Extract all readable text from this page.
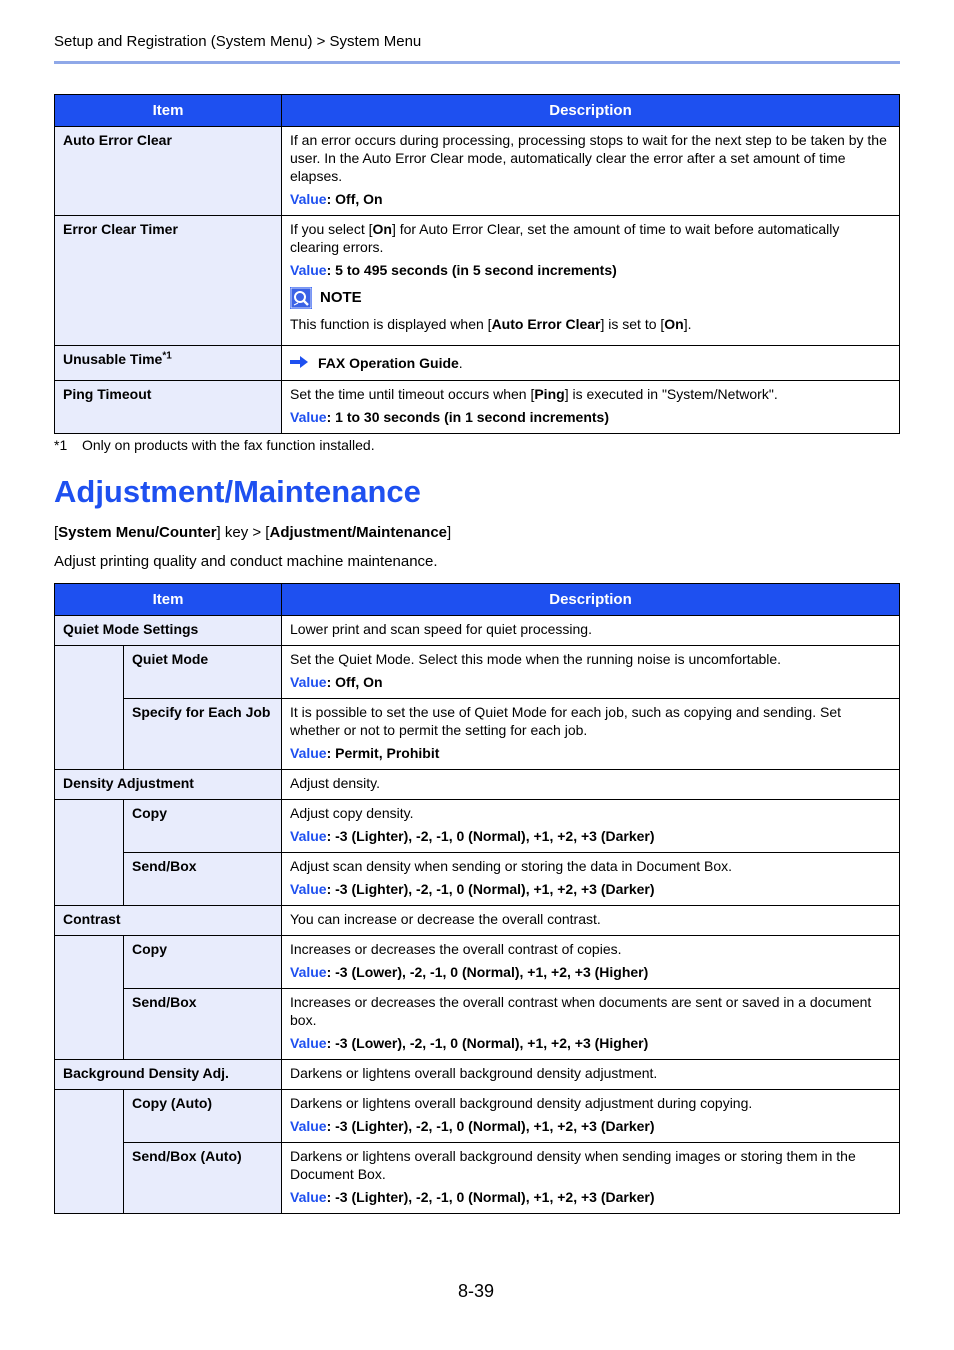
Setup and Registration (System Menu) > System Menu
Item	Description
Auto Error Clear	If an error occurs during processing, processing stops to wait for the next step to be taken by the user. In the Auto Error Clear mode, automatically clear the error after a set amount of time elapses.
Value: Off, On

Error Clear Timer	If you select [On] for Auto Error Clear, set the amount of time to wait before automatically clearing errors.
Value: 5 to 495 seconds (in 5 second increments)
NOTE
This function is displayed when [Auto Error Clear] is set to [On].

Unusable Time$^{*1}$	FAX Operation Guide.

Ping Timeout	Set the time until timeout occurs when [Ping] is executed in "System/Network".
Value: 1 to 30 seconds (in 1 second increments)
*1 Only on products with the fax function installed.
Adjustment/Maintenance
[System Menu/Counter] key > [Adjustment/Maintenance]
Adjust printing quality and conduct machine maintenance.
Item		Description
Quiet Mode Settings		Lower print and scan speed for quiet processing.
	Quiet Mode	Set the Quiet Mode. Select this mode when the running noise is uncomfortable.
Value: Off, On

	Specify for Each Job	It is possible to set the use of Quiet Mode for each job, such as copying and sending. Set whether or not to permit the setting for each job.
Value: Permit, Prohibit

Density Adjustment		Adjust density.
	Copy	Adjust copy density.
Value: -3 (Lighter), -2, -1, 0 (Normal), +1, +2, +3 (Darker)

	Send/Box	Adjust scan density when sending or storing the data in Document Box.
Value: -3 (Lighter), -2, -1, 0 (Normal), +1, +2, +3 (Darker)

Contrast		You can increase or decrease the overall contrast.
	Copy	Increases or decreases the overall contrast of copies.
Value: -3 (Lower), -2, -1, 0 (Normal), +1, +2, +3 (Higher)

	Send/Box	Increases or decreases the overall contrast when documents are sent or saved in a document box.
Value: -3 (Lower), -2, -1, 0 (Normal), +1, +2, +3 (Higher)

Background Density Adj.		Darkens or lightens overall background density adjustment.
	Copy (Auto)	Darkens or lightens overall background density adjustment during copying.
Value: -3 (Lighter), -2, -1, 0 (Normal), +1, +2, +3 (Darker)

	Send/Box (Auto)	Darkens or lightens overall background density when sending images or storing them in the Document Box.
Value: -3 (Lighter), -2, -1, 0 (Normal), +1, +2, +3 (Darker)
8-39
